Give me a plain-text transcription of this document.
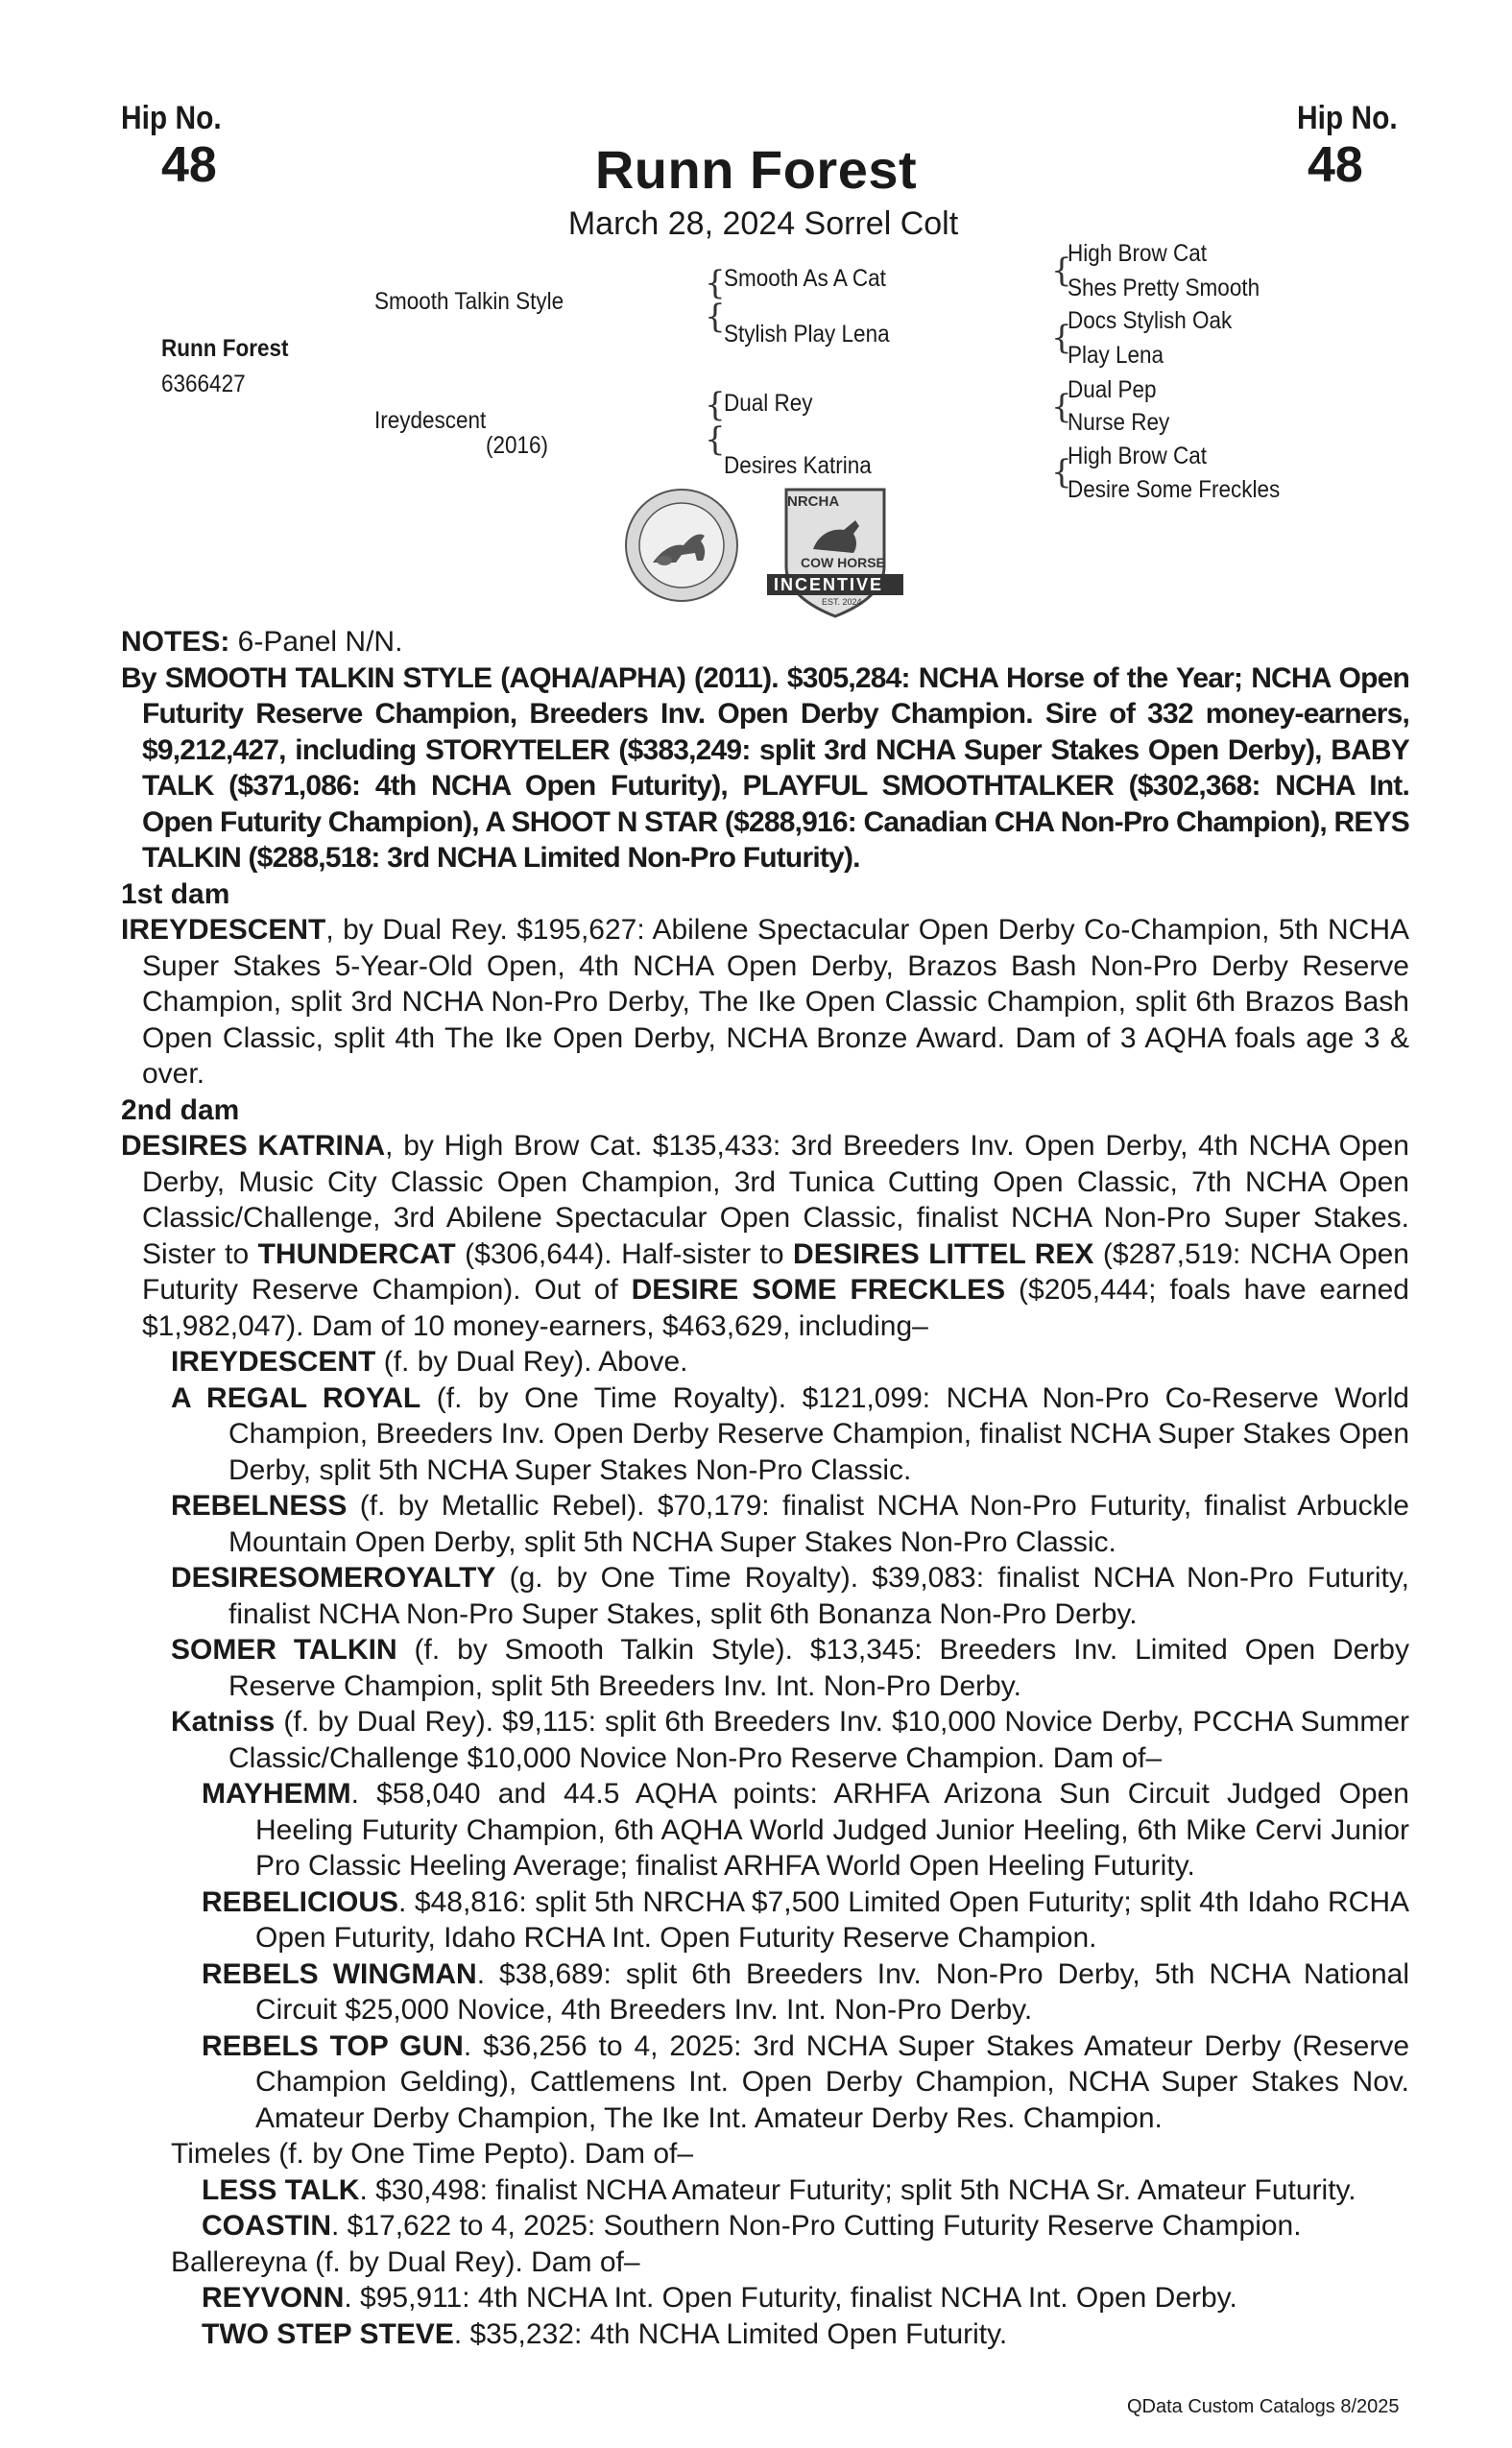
Hip No.
48
Hip No.
48
Runn Forest
March 28, 2024 Sorrel Colt
Runn Forest
6366427
Smooth Talkin Style
Ireydescent
(2016)
{
{
Smooth As A Cat
Stylish Play Lena
{
{
Dual Rey
Desires Katrina
{
High Brow Cat
Shes Pretty Smooth
{
Docs Stylish Oak
Play Lena
{
Dual Pep
Nurse Rey
{
High Brow Cat
Desire Some Freckles
NRCHA
COW HORSE
INCENTIVE
EST. 2024
NOTES: 6-Panel N/N.
By SMOOTH TALKIN STYLE (AQHA/APHA) (2011). $305,284: NCHA Horse of the Year; NCHA Open Futurity Reserve Champion, Breeders Inv. Open Derby Champion. Sire of 332 money-earners, $9,212,427, including STORYTELER ($383,249: split 3rd NCHA Super Stakes Open Derby), BABY TALK ($371,086: 4th NCHA Open Futurity), PLAYFUL SMOOTHTALKER ($302,368: NCHA Int. Open Futurity Champion), A SHOOT N STAR ($288,916: Canadian CHA Non-Pro Champion), REYS TALKIN ($288,518: 3rd NCHA Limited Non-Pro Futurity).
1st dam
IREYDESCENT, by Dual Rey. $195,627: Abilene Spectacular Open Derby Co-Champion, 5th NCHA Super Stakes 5-Year-Old Open, 4th NCHA Open Derby, Brazos Bash Non-Pro Derby Reserve Champion, split 3rd NCHA Non-Pro Derby, The Ike Open Classic Champion, split 6th Brazos Bash Open Classic, split 4th The Ike Open Derby, NCHA Bronze Award. Dam of 3 AQHA foals age 3 & over.
2nd dam
DESIRES KATRINA, by High Brow Cat. $135,433: 3rd Breeders Inv. Open Derby, 4th NCHA Open Derby, Music City Classic Open Champion, 3rd Tunica Cutting Open Classic, 7th NCHA Open Classic/Challenge, 3rd Abilene Spectacular Open Classic, finalist NCHA Non-Pro Super Stakes. Sister to THUNDERCAT ($306,644). Half-sister to DESIRES LITTEL REX ($287,519: NCHA Open Futurity Reserve Champion). Out of DESIRE SOME FRECKLES ($205,444; foals have earned $1,982,047). Dam of 10 money-earners, $463,629, including–
IREYDESCENT (f. by Dual Rey). Above.
A REGAL ROYAL (f. by One Time Royalty). $121,099: NCHA Non-Pro Co-Reserve World Champion, Breeders Inv. Open Derby Reserve Champion, finalist NCHA Super Stakes Open Derby, split 5th NCHA Super Stakes Non-Pro Classic.
REBELNESS (f. by Metallic Rebel). $70,179: finalist NCHA Non-Pro Futurity, finalist Arbuckle Mountain Open Derby, split 5th NCHA Super Stakes Non-Pro Classic.
DESIRESOMEROYALTY (g. by One Time Royalty). $39,083: finalist NCHA Non-Pro Futurity, finalist NCHA Non-Pro Super Stakes, split 6th Bonanza Non-Pro Derby.
SOMER TALKIN (f. by Smooth Talkin Style). $13,345: Breeders Inv. Limited Open Derby Reserve Champion, split 5th Breeders Inv. Int. Non-Pro Derby.
Katniss (f. by Dual Rey). $9,115: split 6th Breeders Inv. $10,000 Novice Derby, PCCHA Summer Classic/Challenge $10,000 Novice Non-Pro Reserve Champion. Dam of–
MAYHEMM. $58,040 and 44.5 AQHA points: ARHFA Arizona Sun Circuit Judged Open Heeling Futurity Champion, 6th AQHA World Judged Junior Heeling, 6th Mike Cervi Junior Pro Classic Heeling Average; finalist ARHFA World Open Heeling Futurity.
REBELICIOUS. $48,816: split 5th NRCHA $7,500 Limited Open Futurity; split 4th Idaho RCHA Open Futurity, Idaho RCHA Int. Open Futurity Reserve Champion.
REBELS WINGMAN. $38,689: split 6th Breeders Inv. Non-Pro Derby, 5th NCHA National Circuit $25,000 Novice, 4th Breeders Inv. Int. Non-Pro Derby.
REBELS TOP GUN. $36,256 to 4, 2025: 3rd NCHA Super Stakes Amateur Derby (Reserve Champion Gelding), Cattlemens Int. Open Derby Champion, NCHA Super Stakes Nov. Amateur Derby Champion, The Ike Int. Amateur Derby Res. Champion.
Timeles (f. by One Time Pepto). Dam of–
LESS TALK. $30,498: finalist NCHA Amateur Futurity; split 5th NCHA Sr. Amateur Futurity.
COASTIN. $17,622 to 4, 2025: Southern Non-Pro Cutting Futurity Reserve Champion.
Ballereyna (f. by Dual Rey). Dam of–
REYVONN. $95,911: 4th NCHA Int. Open Futurity, finalist NCHA Int. Open Derby.
TWO STEP STEVE. $35,232: 4th NCHA Limited Open Futurity.
QData Custom Catalogs 8/2025
